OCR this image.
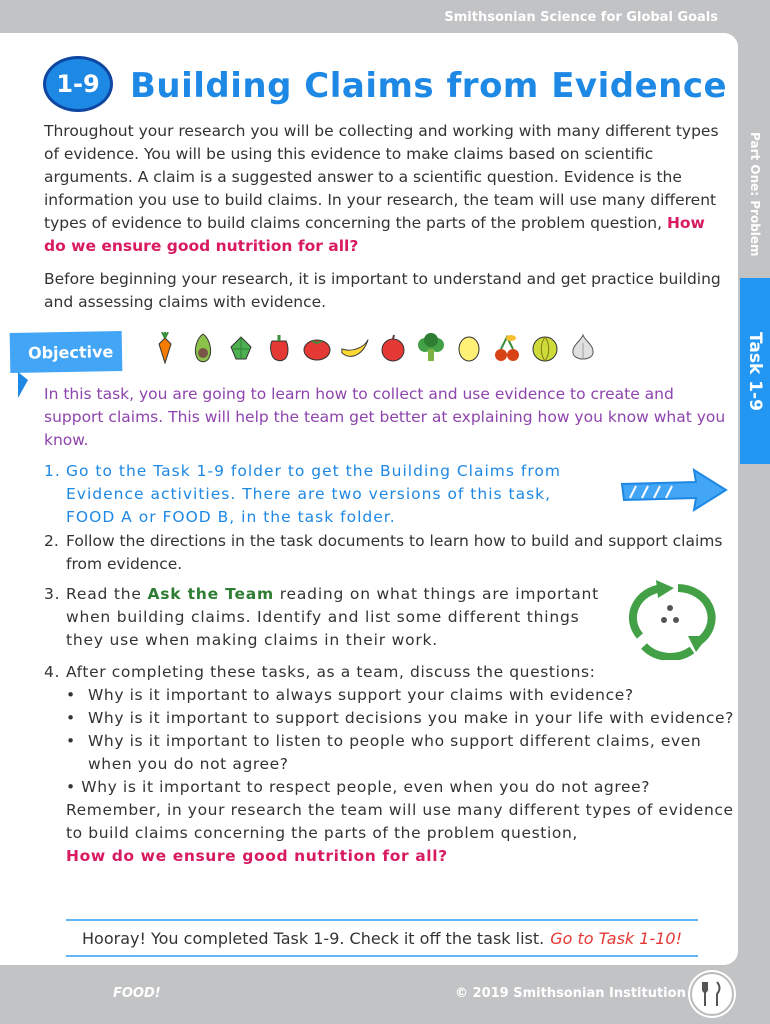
Smithsonian Science for Global Goals
Part One: Problem
Task 1-9
1-9 Building Claims from Evidence

Throughout your research you will be collecting and working with many different types of evidence. You will be using this evidence to make claims based on scientific arguments. A claim is a suggested answer to a scientific question. Evidence is the information you use to build claims. In your research, the team will use many different types of evidence to build claims concerning the parts of the problem question, How do we ensure good nutrition for all?

Before beginning your research, it is important to understand and get practice building and assessing claims with evidence.

Objective
In this task, you are going to learn how to collect and use evidence to create and support claims. This will help the team get better at explaining how you know what you know.
1. Go to the Task 1-9 folder to get the Building Claims from Evidence activities. There are two versions of this task, FOOD A or FOOD B, in the task folder.
2. Follow the directions in the task documents to learn how to build and support claims from evidence.
3. Read the Ask the Team reading on what things are important when building claims. Identify and list some different things they use when making claims in their work.
4. After completing these tasks, as a team, discuss the questions:
• Why is it important to always support your claims with evidence?
• Why is it important to support decisions you make in your life with evidence?
• Why is it important to listen to people who support different claims, even when you do not agree?
• Why is it important to respect people, even when you do not agree?
Remember, in your research the team will use many different types of evidence to build claims concerning the parts of the problem question,
How do we ensure good nutrition for all?
Hooray! You completed Task 1-9. Check it off the task list. Go to Task 1-10!
FOOD!	© 2019 Smithsonian Institution
